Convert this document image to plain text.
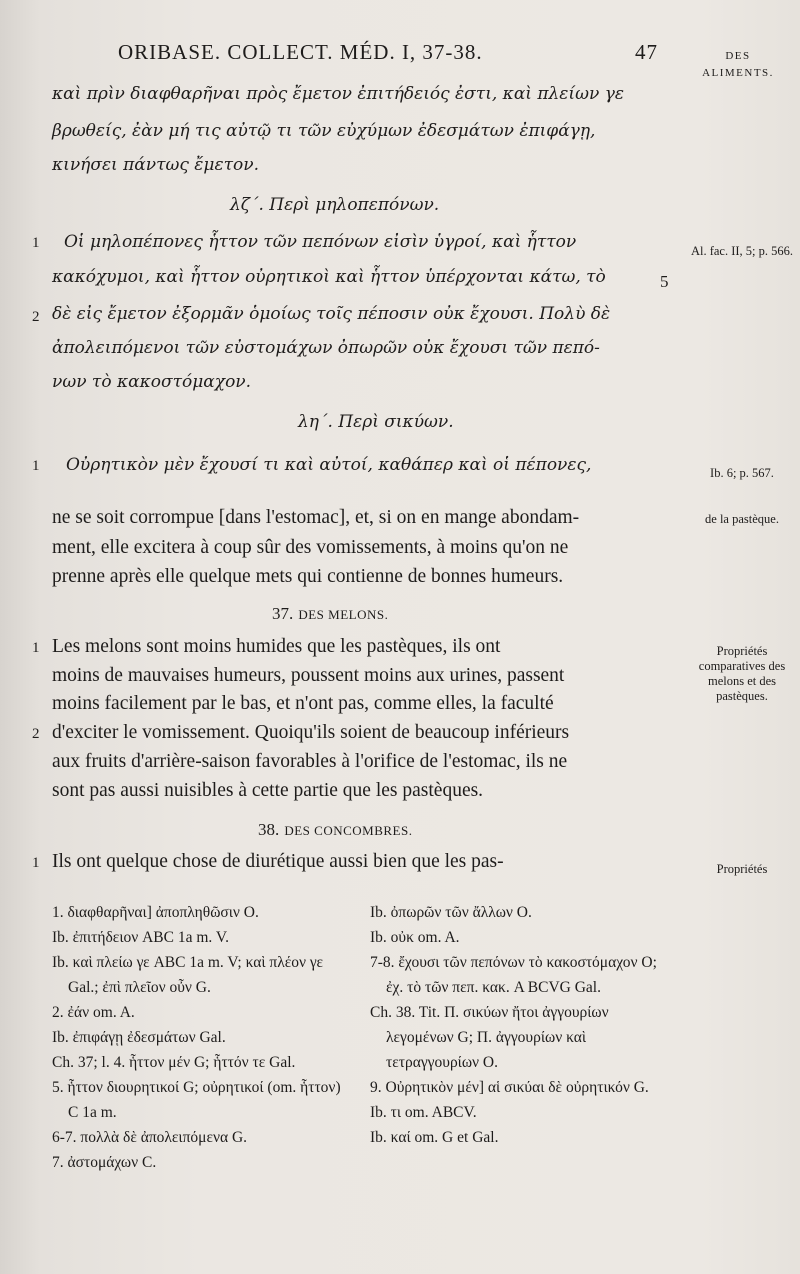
ORIBASE. COLLECT. MÉD. I, 37-38.	47	DES
ALIMENTS.
καὶ πρὶν διαφθαρῆναι πρὸς ἔμετον ἐπιτήδειός ἐστι, καὶ πλείων γε
βρωθείς, ἐὰν μή τις αὐτῷ τι τῶν εὐχύμων ἐδεσμάτων ἐπιφάγῃ,
κινήσει πάντως ἔμετον.
λζ΄. Περὶ μηλοπεπόνων.
1 Οἱ μηλοπέπονες ἧττον τῶν πεπόνων εἰσὶν ὑγροί, καὶ ἧττον
κακόχυμοι, καὶ ἧττον οὐρητικοὶ καὶ ἧττον ὑπέρχονται κάτω, τὸ	5
2 δὲ εἰς ἔμετον ἐξορμᾶν ὁμοίως τοῖς πέποσιν οὐκ ἔχουσι. Πολὺ δὲ
ἀπολειπόμενοι τῶν εὐστομάχων ὀπωρῶν οὐκ ἔχουσι τῶν πεπό-
νων τὸ κακοστόμαχον.
λη΄. Περὶ σικύων.
1 Οὐρητικὸν μὲν ἔχουσί τι καὶ αὐτοί, καθάπερ καὶ οἱ πέπονες,
Al. fac. II, 5; p. 566.
Ib. 6; p. 567.
de la pastèque.
Propriétés comparatives des melons et des pastèques.
Propriétés
ne se soit corrompue [dans l'estomac], et, si on en mange abondam-
ment, elle excitera à coup sûr des vomissements, à moins qu'on ne
prenne après elle quelque mets qui contienne de bonnes humeurs.
37. DES MELONS.
1 Les melons sont moins humides que les pastèques, ils ont
moins de mauvaises humeurs, poussent moins aux urines, passent
moins facilement par le bas, et n'ont pas, comme elles, la faculté
2 d'exciter le vomissement. Quoiqu'ils soient de beaucoup inférieurs
aux fruits d'arrière-saison favorables à l'orifice de l'estomac, ils ne
sont pas aussi nuisibles à cette partie que les pastèques.
38. DES CONCOMBRES.
1 Ils ont quelque chose de diurétique aussi bien que les pas-
1. διαφθαρῆναι] ἀποπληθῶσιν O.
Ib. ἐπιτήδειον ABC 1a m. V.
Ib. καὶ πλείω γε ABC 1a m. V; καὶ πλέον γε Gal.; ἐπὶ πλεῖον οὖν G.
2. ἐάν om. A.
Ib. ἐπιφάγῃ ἐδεσμάτων Gal.
Ch. 37; l. 4. ἧττον μέν G; ἧττόν τε Gal.
5. ἧττον διουρητικοί G; οὐρητικοί (om. ἧττον) C 1a m.
6-7. πολλὰ δὲ ἀπολειπόμενα G.
7. ἀστομάχων C.
Ib. ὀπωρῶν τῶν ἄλλων O.
Ib. οὐκ om. A.
7-8. ἔχουσι τῶν πεπόνων τὸ κακοστόμαχον O; ἐχ. τὸ τῶν πεπ. κακ. A BCVG Gal.
Ch. 38. Tit. Π. σικύων ἤτοι ἀγγουρίων λεγομένων G; Π. ἀγγουρίων καὶ τετραγγουρίων O.
9. Οὐρητικὸν μέν] αἱ σικύαι δὲ οὐρητικόν G.
Ib. τι om. ABCV.
Ib. καί om. G et Gal.
